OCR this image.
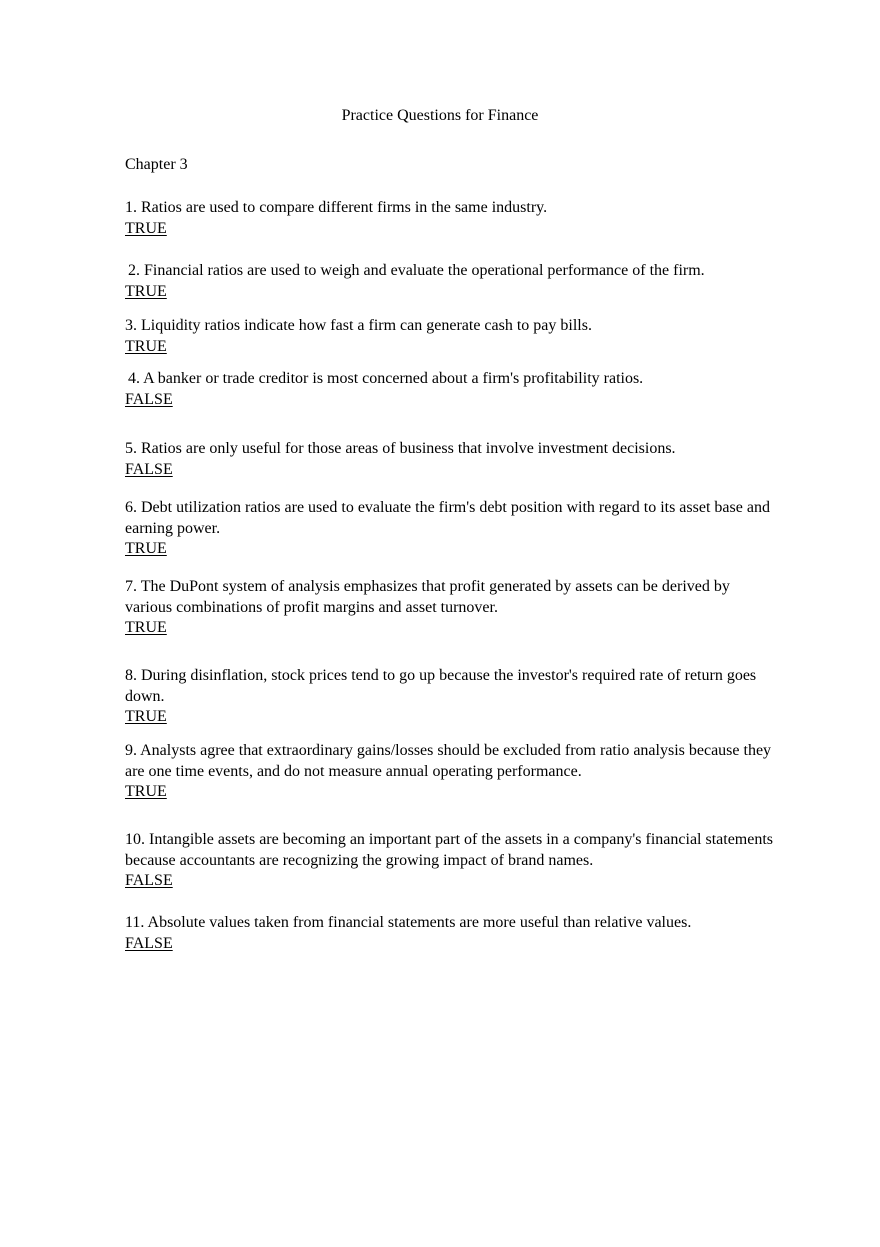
Practice Questions for Finance
Chapter 3
1. Ratios are used to compare different firms in the same industry.
TRUE
2. Financial ratios are used to weigh and evaluate the operational performance of the firm.
TRUE
3. Liquidity ratios indicate how fast a firm can generate cash to pay bills.
TRUE
4. A banker or trade creditor is most concerned about a firm's profitability ratios.
FALSE
5. Ratios are only useful for those areas of business that involve investment decisions.
FALSE
6. Debt utilization ratios are used to evaluate the firm's debt position with regard to its asset base and earning power.
TRUE
7. The DuPont system of analysis emphasizes that profit generated by assets can be derived by various combinations of profit margins and asset turnover.
TRUE
8. During disinflation, stock prices tend to go up because the investor's required rate of return goes down.
TRUE
9. Analysts agree that extraordinary gains/losses should be excluded from ratio analysis because they are one time events, and do not measure annual operating performance.
TRUE
10. Intangible assets are becoming an important part of the assets in a company's financial statements because accountants are recognizing the growing impact of brand names.
FALSE
11. Absolute values taken from financial statements are more useful than relative values.
FALSE
